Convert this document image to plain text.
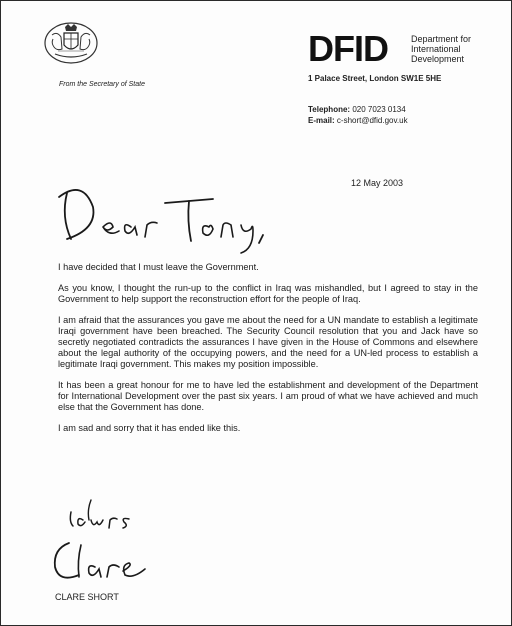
From the Secretary of State
DFID	Department for
International
Development
1 Palace Street, London SW1E 5HE
Telephone: 020 7023 0134
E-mail: c-short@dfid.gov.uk
12 May 2003

I have decided that I must leave the Government.

As you know, I thought the run-up to the conflict in Iraq was mishandled, but I agreed to stay in the Government to help support the reconstruction effort for the people of Iraq.

I am afraid that the assurances you gave me about the need for a UN mandate to establish a legitimate Iraqi government have been breached. The Security Council resolution that you and Jack have so secretly negotiated contradicts the assurances I have given in the House of Commons and elsewhere about the legal authority of the occupying powers, and the need for a UN-led process to establish a legitimate Iraqi government. This makes my position impossible.

It has been a great honour for me to have led the establishment and development of the Department for International Development over the past six years. I am proud of what we have achieved and much else that the Government has done.

I am sad and sorry that it has ended like this.

CLARE SHORT
